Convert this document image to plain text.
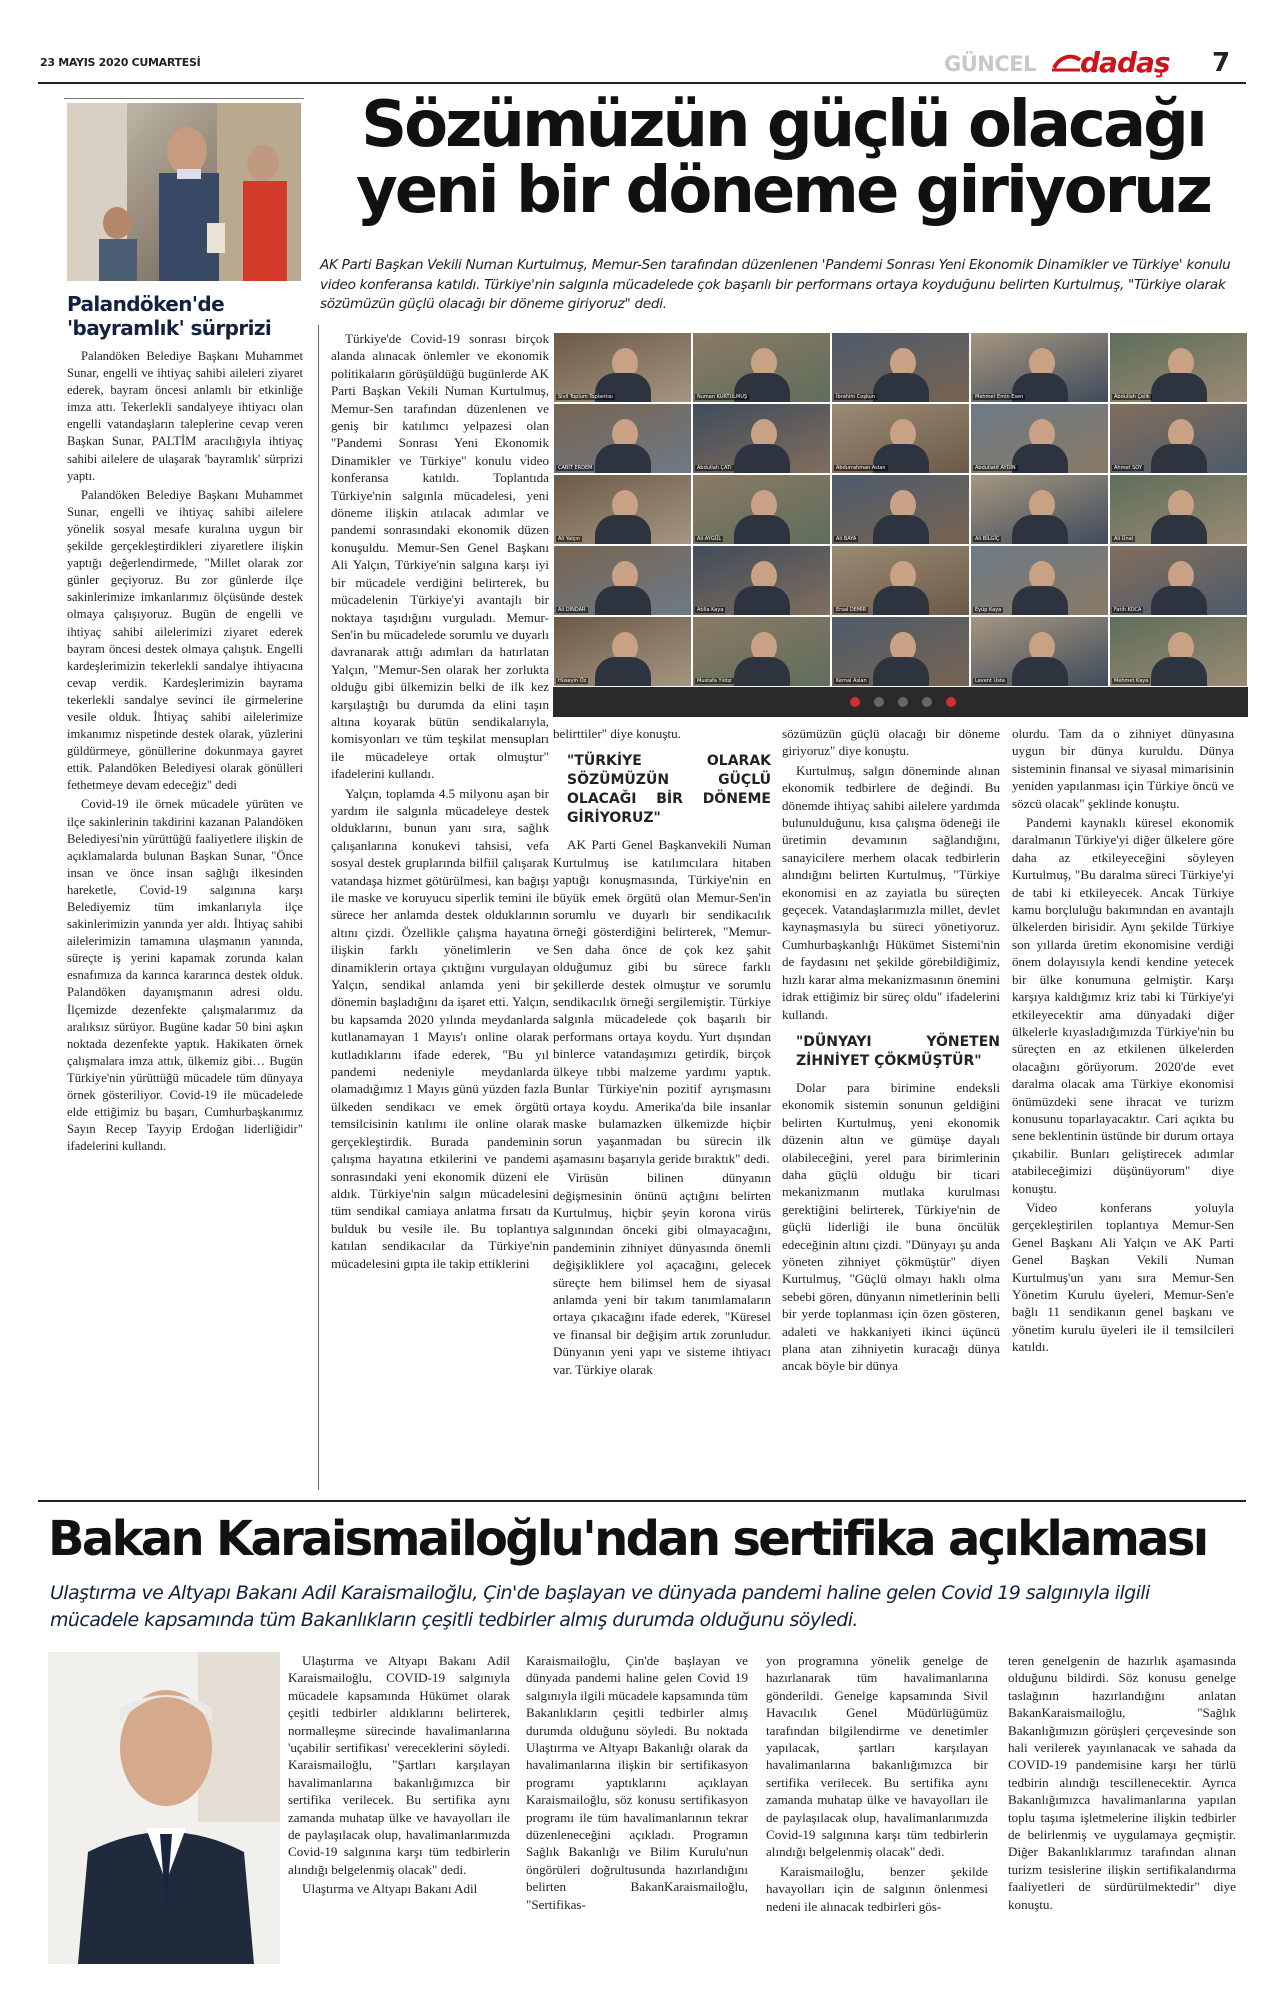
23 MAYIS 2020 CUMARTESİ	GÜNCEL dadaş 7
Palandöken'de 'bayramlık' sürprizi

Palandöken Belediye Başkanı Muhammet Sunar, engelli ve ihtiyaç sahibi aileleri ziyaret ederek, bayram öncesi anlamlı bir etkinliğe imza attı. Tekerlekli sandalyeye ihtiyacı olan engelli vatandaşların taleplerine cevap veren Başkan Sunar, PALTİM aracılığıyla ihtiyaç sahibi ailelere de ulaşarak 'bayramlık' sürprizi yaptı.

Palandöken Belediye Başkanı Muhammet Sunar, engelli ve ihtiyaç sahibi ailelere yönelik sosyal mesafe kuralına uygun bir şekilde gerçekleştirdikleri ziyaretlere ilişkin yaptığı değerlendirmede, "Millet olarak zor günler geçiyoruz. Bu zor günlerde ilçe sakinlerimize imkanlarımız ölçüsünde destek olmaya çalışıyoruz. Bugün de engelli ve ihtiyaç sahibi ailelerimizi ziyaret ederek bayram öncesi destek olmaya çalıştık. Engelli kardeşlerimizin tekerlekli sandalye ihtiyacına cevap verdik. Kardeşlerimizin bayrama tekerlekli sandalye sevinci ile girmelerine vesile olduk. İhtiyaç sahibi ailelerimize imkanımız nispetinde destek olarak, yüzlerini güldürmeye, gönüllerine dokunmaya gayret ettik. Palandöken Belediyesi olarak gönülleri fethetmeye devam edeceğiz" dedi

Covid-19 ile örnek mücadele yürüten ve ilçe sakinlerinin takdirini kazanan Palandöken Belediyesi'nin yürüttüğü faaliyetlere ilişkin de açıklamalarda bulunan Başkan Sunar, "Önce insan ve önce insan sağlığı ilkesinden hareketle, Covid-19 salgınına karşı Belediyemiz tüm imkanlarıyla ilçe sakinlerimizin yanında yer aldı. İhtiyaç sahibi ailelerimizin tamamına ulaşmanın yanında, süreçte iş yerini kapamak zorunda kalan esnafımıza da karınca kararınca destek olduk. Palandöken dayanışmanın adresi oldu. İlçemizde dezenfekte çalışmalarımız da aralıksız sürüyor. Bugüne kadar 50 bini aşkın noktada dezenfekte yaptık. Hakikaten örnek çalışmalara imza attık, ülkemiz gibi… Bugün Türkiye'nin yürüttüğü mücadele tüm dünyaya örnek gösteriliyor. Covid-19 ile mücadelede elde ettiğimiz bu başarı, Cumhurbaşkanımız Sayın Recep Tayyip Erdoğan liderliğidir" ifadelerini kullandı.

Sözümüzün güçlü olacağı
yeni bir döneme giriyoruz
AK Parti Başkan Vekili Numan Kurtulmuş, Memur-Sen tarafından düzenlenen 'Pandemi Sonrası Yeni Ekonomik Dinamikler ve Türkiye' konulu video konferansa katıldı. Türkiye'nin salgınla mücadelede çok başarılı bir performans ortaya koyduğunu belirten Kurtulmuş, "Türkiye olarak sözümüzün güçlü olacağı bir döneme giriyoruz" dedi.

Türkiye'de Covid-19 sonrası birçok alanda alınacak önlemler ve ekonomik politikaların görüşüldüğü bugünlerde AK Parti Başkan Vekili Numan Kurtulmuş, Memur-Sen tarafından düzenlenen ve geniş bir katılımcı yelpazesi olan "Pandemi Sonrası Yeni Ekonomik Dinamikler ve Türkiye" konulu video konferansa katıldı. Toplantıda Türkiye'nin salgınla mücadelesi, yeni döneme ilişkin atılacak adımlar ve pandemi sonrasındaki ekonomik düzen konuşuldu. Memur-Sen Genel Başkanı Ali Yalçın, Türkiye'nin salgına karşı iyi bir mücadele verdiğini belirterek, bu mücadelenin Türkiye'yi avantajlı bir noktaya taşıdığını vurguladı. Memur-Sen'in bu mücadelede sorumlu ve duyarlı davranarak attığı adımları da hatırlatan Yalçın, "Memur-Sen olarak her zorlukta olduğu gibi ülkemizin belki de ilk kez karşılaştığı bu durumda da elini taşın altına koyarak bütün sendikalarıyla, komisyonları ve tüm teşkilat mensupları ile mücadeleye ortak olmuştur" ifadelerini kullandı.

Yalçın, toplamda 4.5 milyonu aşan bir yardım ile salgınla mücadeleye destek olduklarını, bunun yanı sıra, sağlık çalışanlarına konukevi tahsisi, vefa sosyal destek gruplarında bilfiil çalışarak vatandaşa hizmet götürülmesi, kan bağışı ile maske ve koruyucu siperlik temini ile sürece her anlamda destek olduklarının altını çizdi. Özellikle çalışma hayatına ilişkin farklı yönelimlerin ve dinamiklerin ortaya çıktığını vurgulayan Yalçın, sendikal anlamda yeni bir dönemin başladığını da işaret etti. Yalçın, bu kapsamda 2020 yılında meydanlarda kutlanamayan 1 Mayıs'ı online olarak kutladıklarını ifade ederek, "Bu yıl pandemi nedeniyle meydanlarda olamadığımız 1 Mayıs günü yüzden fazla ülkeden sendikacı ve emek örgütü temsilcisinin katılımı ile online olarak gerçekleştirdik. Burada pandeminin çalışma hayatına etkilerini ve pandemi sonrasındaki yeni ekonomik düzeni ele aldık. Türkiye'nin salgın mücadelesini tüm sendikal camiaya anlatma fırsatı da bulduk bu vesile ile. Bu toplantıya katılan sendikacılar da Türkiye'nin mücadelesini gıpta ile takip ettiklerini

Sivil Toplum Toplantısı	Numan KURTULMUŞ	İbrahim Coşkun	Mehmet Emin Esen	Abdullah Çelik
CABİT ERDEM	Abdullah ÇATI	Abdurrahman Aslan	Abdullatif AYDIN	Ahmet SOY
Ali Yalçın	Ali AYGÜL	Ali BAYA	Ali BİLGİÇ	Ali Ünal
Ali DİNDAR	Atilla Kaya	Ersal DEMİR	Eyüp Kaya	Fatih KOCA
Hüseyin Öz	Mustafa Yıldız	Kemal Aslan	Levent Usta	Mehmet Kaya

belirttiler" diye konuştu.

"TÜRKİYE OLARAK SÖZÜMÜZÜN GÜÇLÜ OLACAĞI BİR DÖNEME GİRİYORUZ"

AK Parti Genel Başkanvekili Numan Kurtulmuş ise katılımcılara hitaben yaptığı konuşmasında, Türkiye'nin en büyük emek örgütü olan Memur-Sen'in sorumlu ve duyarlı bir sendikacılık örneği gösterdiğini belirterek, "Memur-Sen daha önce de çok kez şahit olduğumuz gibi bu sürece farklı şekillerde destek olmuştur ve sorumlu sendikacılık örneği sergilemiştir. Türkiye salgınla mücadelede çok başarılı bir performans ortaya koydu. Yurt dışından binlerce vatandaşımızı getirdik, birçok ülkeye tıbbi malzeme yardımı yaptık. Bunlar Türkiye'nin pozitif ayrışmasını ortaya koydu. Amerika'da bile insanlar maske bulamazken ülkemizde hiçbir sorun yaşanmadan bu sürecin ilk aşamasını başarıyla geride bıraktık" dedi.

Virüsün bilinen dünyanın değişmesinin önünü açtığını belirten Kurtulmuş, hiçbir şeyin korona virüs salgınından önceki gibi olmayacağını, pandeminin zihniyet dünyasında önemli değişikliklere yol açacağını, gelecek süreçte hem bilimsel hem de siyasal anlamda yeni bir takım tanımlamaların ortaya çıkacağını ifade ederek, "Küresel ve finansal bir değişim artık zorunludur. Dünyanın yeni yapı ve sisteme ihtiyacı var. Türkiye olarak

sözümüzün güçlü olacağı bir döneme giriyoruz" diye konuştu.

Kurtulmuş, salgın döneminde alınan ekonomik tedbirlere de değindi. Bu dönemde ihtiyaç sahibi ailelere yardımda bulunulduğunu, kısa çalışma ödeneği ile üretimin devamının sağlandığını, sanayicilere merhem olacak tedbirlerin alındığını belirten Kurtulmuş, "Türkiye ekonomisi en az zayiatla bu süreçten geçecek. Vatandaşlarımızla millet, devlet kaynaşmasıyla bu süreci yönetiyoruz. Cumhurbaşkanlığı Hükümet Sistemi'nin de faydasını net şekilde görebildiğimiz, hızlı karar alma mekanizmasının önemini idrak ettiğimiz bir süreç oldu" ifadelerini kullandı.

"DÜNYAYI YÖNETEN ZİHNİYET ÇÖKMÜŞTÜR"

Dolar para birimine endeksli ekonomik sistemin sonunun geldiğini belirten Kurtulmuş, yeni ekonomik düzenin altın ve gümüşe dayalı olabileceğini, yerel para birimlerinin daha güçlü olduğu bir ticari mekanizmanın mutlaka kurulması gerektiğini belirterek, Türkiye'nin de güçlü liderliği ile buna öncülük edeceğinin altını çizdi. "Dünyayı şu anda yöneten zihniyet çökmüştür" diyen Kurtulmuş, "Güçlü olmayı haklı olma sebebi gören, dünyanın nimetlerinin belli bir yerde toplanması için özen gösteren, adaleti ve hakkaniyeti ikinci üçüncü plana atan zihniyetin kuracağı dünya ancak böyle bir dünya

olurdu. Tam da o zihniyet dünyasına uygun bir dünya kuruldu. Dünya sisteminin finansal ve siyasal mimarisinin yeniden yapılanması için Türkiye öncü ve sözcü olacak" şeklinde konuştu.

Pandemi kaynaklı küresel ekonomik daralmanın Türkiye'yi diğer ülkelere göre daha az etkileyeceğini söyleyen Kurtulmuş, "Bu daralma süreci Türkiye'yi de tabi ki etkileyecek. Ancak Türkiye kamu borçluluğu bakımından en avantajlı ülkelerden birisidir. Aynı şekilde Türkiye son yıllarda üretim ekonomisine verdiği önem dolayısıyla kendi kendine yetecek bir ülke konumuna gelmiştir. Karşı karşıya kaldığımız kriz tabi ki Türkiye'yi etkileyecektir ama dünyadaki diğer ülkelerle kıyasladığımızda Türkiye'nin bu süreçten en az etkilenen ülkelerden olacağını görüyorum. 2020'de evet daralma olacak ama Türkiye ekonomisi önümüzdeki sene ihracat ve turizm konusunu toparlayacaktır. Cari açıkta bu sene beklentinin üstünde bir durum ortaya çıkabilir. Bunları geliştirecek adımlar atabileceğimizi düşünüyorum" diye konuştu.

Video konferans yoluyla gerçekleştirilen toplantıya Memur-Sen Genel Başkanı Ali Yalçın ve AK Parti Genel Başkan Vekili Numan Kurtulmuş'un yanı sıra Memur-Sen Yönetim Kurulu üyeleri, Memur-Sen'e bağlı 11 sendikanın genel başkanı ve yönetim kurulu üyeleri ile il temsilcileri katıldı.

Bakan Karaismailoğlu'ndan sertifika açıklaması
Ulaştırma ve Altyapı Bakanı Adil Karaismailoğlu, Çin'de başlayan ve dünyada pandemi haline gelen Covid 19 salgınıyla ilgili mücadele kapsamında tüm Bakanlıkların çeşitli tedbirler almış durumda olduğunu söyledi.

Ulaştırma ve Altyapı Bakanı Adil Karaismailoğlu, COVID-19 salgınıyla mücadele kapsamında Hükümet olarak çeşitli tedbirler aldıklarını belirterek, normalleşme sürecinde havalimanlarına 'uçabilir sertifikası' vereceklerini söyledi. Karaismailoğlu, "Şartları karşılayan havalimanlarına bakanlığımızca bir sertifika verilecek. Bu sertifika aynı zamanda muhatap ülke ve havayolları ile de paylaşılacak olup, havalimanlarımızda Covid-19 salgınına karşı tüm tedbirlerin alındığı belgelenmiş olacak" dedi.

Ulaştırma ve Altyapı Bakanı Adil

Karaismailoğlu, Çin'de başlayan ve dünyada pandemi haline gelen Covid 19 salgınıyla ilgili mücadele kapsamında tüm Bakanlıkların çeşitli tedbirler almış durumda olduğunu söyledi. Bu noktada Ulaştırma ve Altyapı Bakanlığı olarak da havalimanlarına ilişkin bir sertifikasyon programı yaptıklarını açıklayan Karaismailoğlu, söz konusu sertifikasyon programı ile tüm havalimanlarının tekrar düzenleneceğini açıkladı. Programın Sağlık Bakanlığı ve Bilim Kurulu'nun öngörüleri doğrultusunda hazırlandığını belirten BakanKaraismailoğlu, "Sertifikas-

yon programına yönelik genelge de hazırlanarak tüm havalimanlarına gönderildi. Genelge kapsamında Sivil Havacılık Genel Müdürlüğümüz tarafından bilgilendirme ve denetimler yapılacak, şartları karşılayan havalimanlarına bakanlığımızca bir sertifika verilecek. Bu sertifika aynı zamanda muhatap ülke ve havayolları ile de paylaşılacak olup, havalimanlarımızda Covid-19 salgınına karşı tüm tedbirlerin alındığı belgelenmiş olacak" dedi.

Karaismailoğlu, benzer şekilde havayolları için de salgının önlenmesi nedeni ile alınacak tedbirleri gös-

teren genelgenin de hazırlık aşamasında olduğunu bildirdi. Söz konusu genelge taslağının hazırlandığını anlatan BakanKaraismailoğlu, "Sağlık Bakanlığımızın görüşleri çerçevesinde son hali verilerek yayınlanacak ve sahada da COVID-19 pandemisine karşı her türlü tedbirin alındığı tescillenecektir. Ayrıca Bakanlığımızca havalimanlarına yapılan toplu taşıma işletmelerine ilişkin tedbirler de belirlenmiş ve uygulamaya geçmiştir. Diğer Bakanlıklarımız tarafından alınan turizm tesislerine ilişkin sertifikalandırma faaliyetleri de sürdürülmektedir" diye konuştu.
